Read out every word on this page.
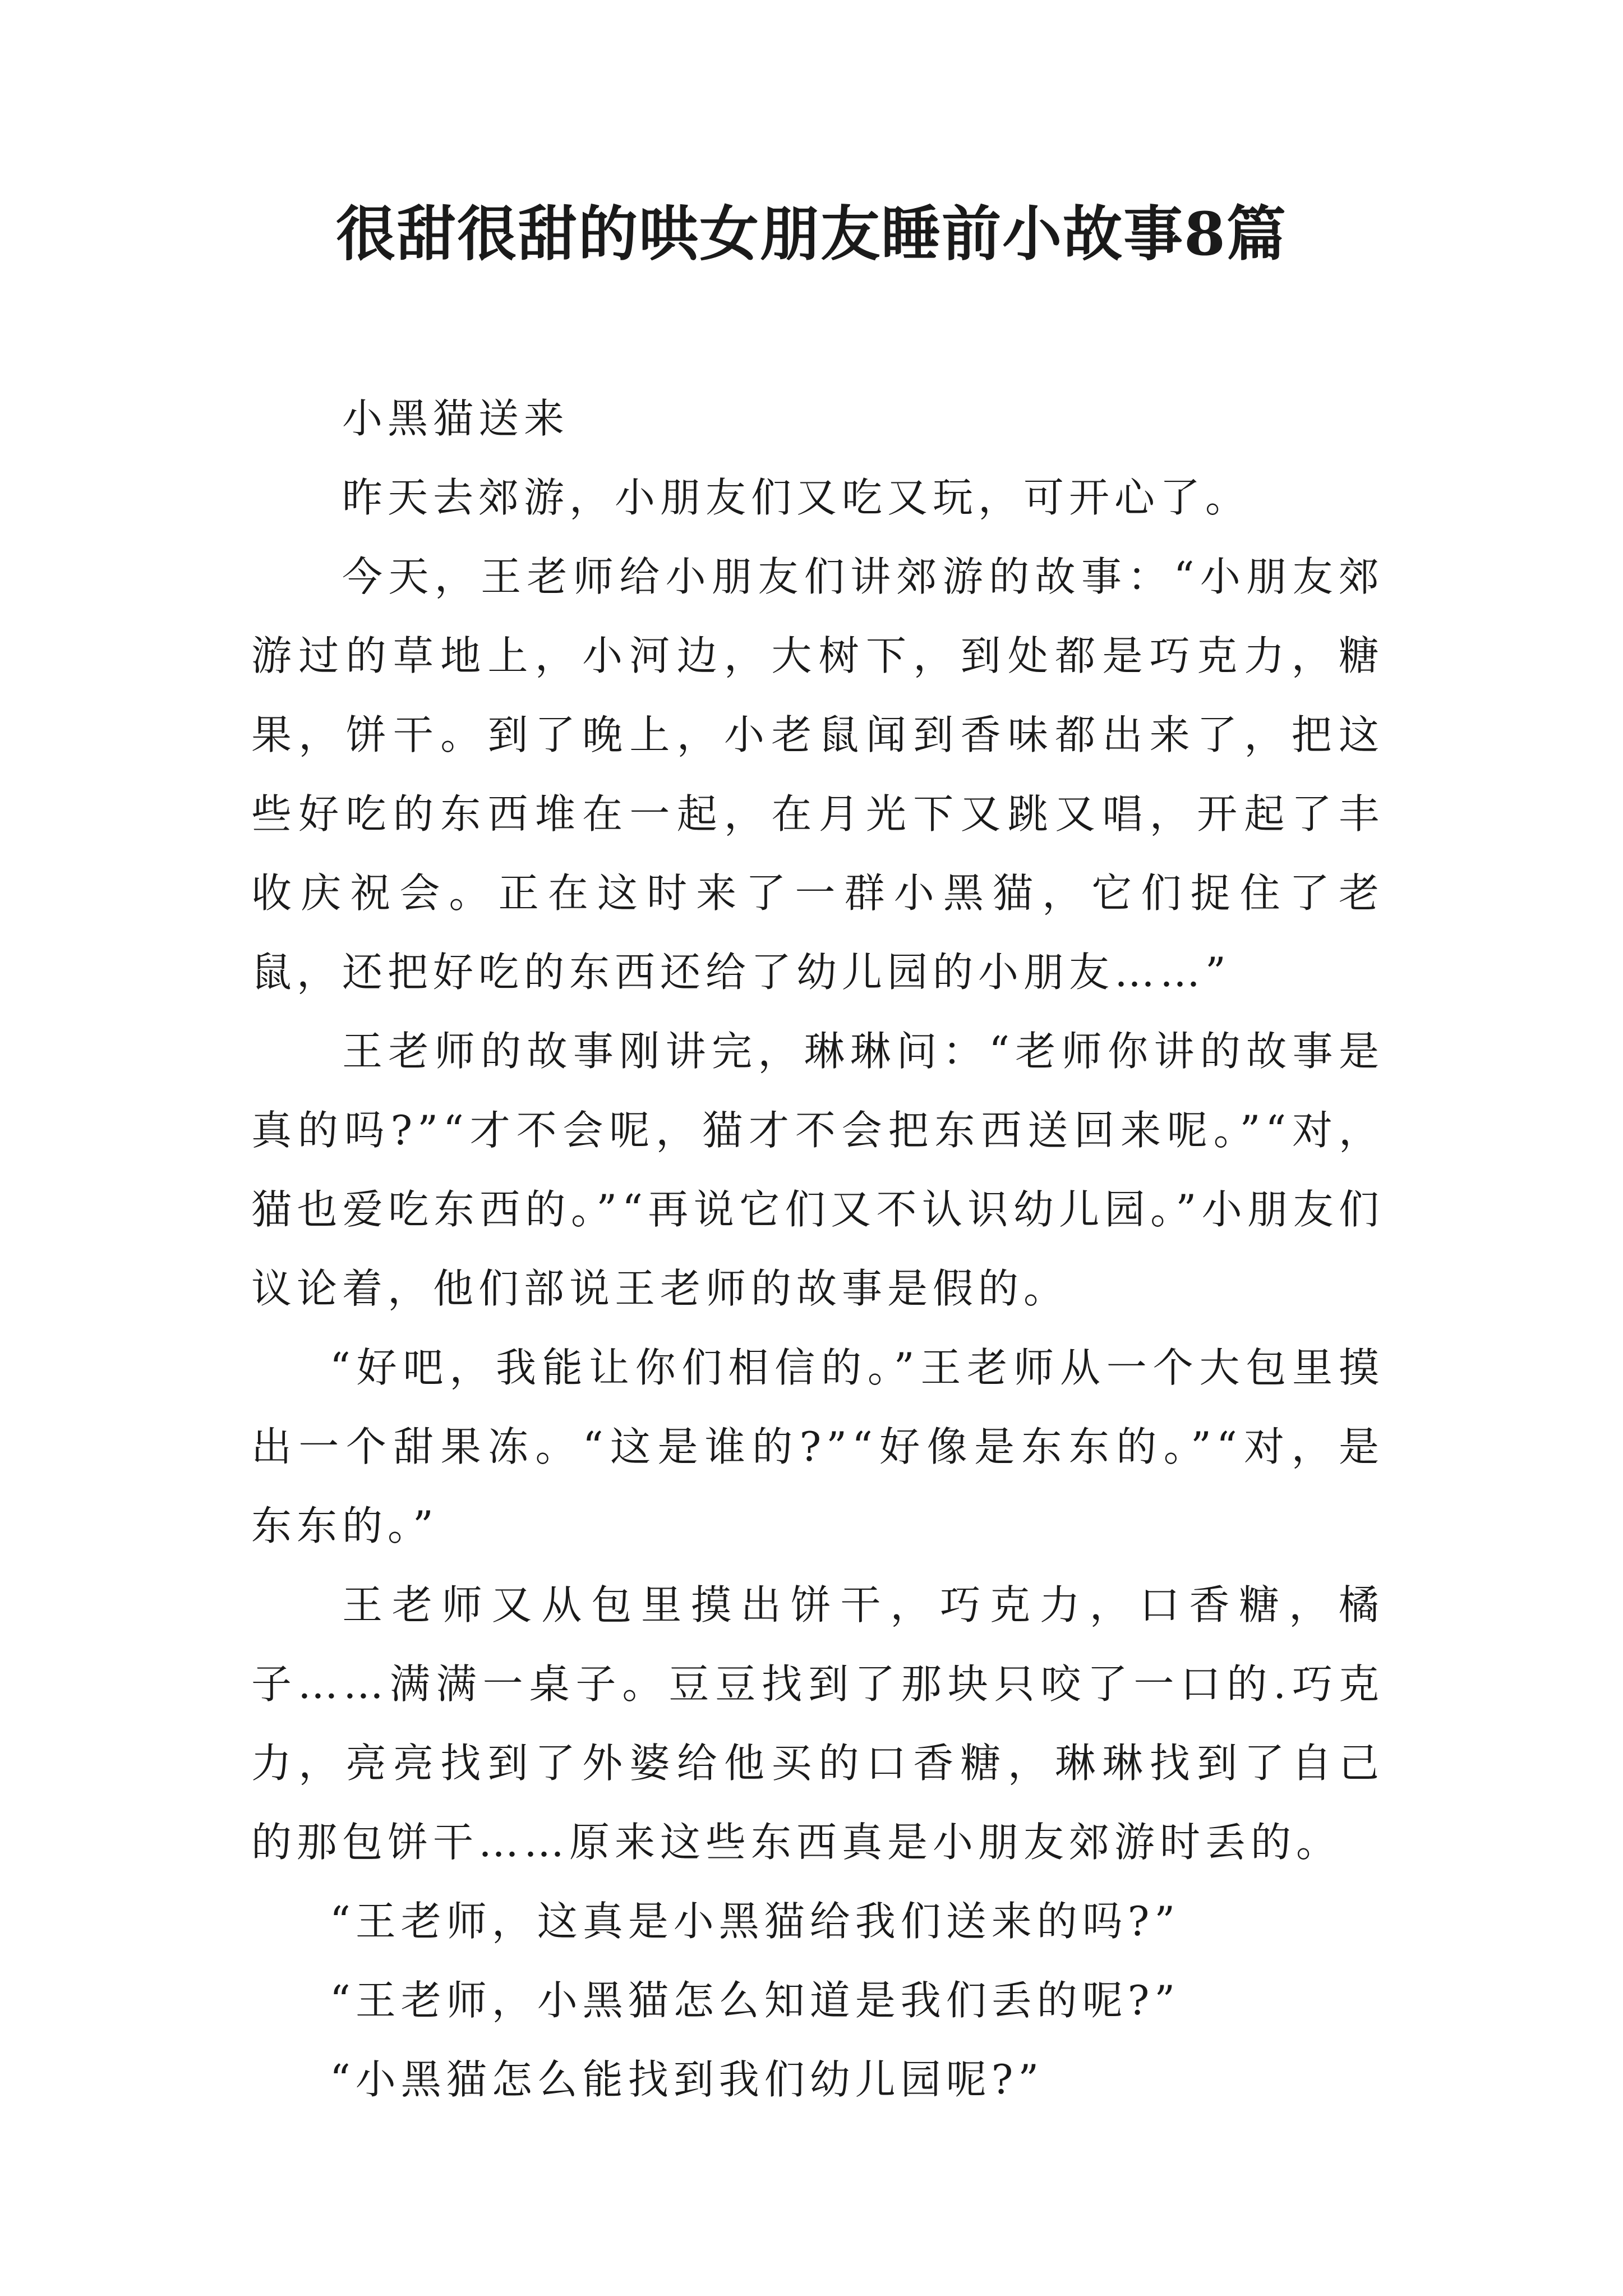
很甜很甜的哄女朋友睡前小故事8篇

小黑猫送来

昨天去郊游，小朋友们又吃又玩，可开心了。

今天，王老师给小朋友们讲郊游的故事：“小朋友郊游过的草地上，小河边，大树下，到处都是巧克力，糖果，饼干。到了晚上，小老鼠闻到香味都出来了，把这些好吃的东西堆在一起，在月光下又跳又唱，开起了丰收庆祝会。正在这时来了一群小黑猫，它们捉住了老鼠，还把好吃的东西还给了幼儿园的小朋友……”

王老师的故事刚讲完，琳琳问：“老师你讲的故事是真的吗?”“才不会呢，猫才不会把东西送回来呢。”“对，猫也爱吃东西的。”“再说它们又不认识幼儿园。”小朋友们议论着，他们部说王老师的故事是假的。

“好吧，我能让你们相信的。”王老师从一个大包里摸出一个甜果冻。“这是谁的?”“好像是东东的。”“对，是东东的。”

王老师又从包里摸出饼干，巧克力，口香糖，橘子……满满一桌子。豆豆找到了那块只咬了一口的.巧克力，亮亮找到了外婆给他买的口香糖，琳琳找到了自己的那包饼干……原来这些东西真是小朋友郊游时丢的。

“王老师，这真是小黑猫给我们送来的吗?”

“王老师，小黑猫怎么知道是我们丢的呢?”

“小黑猫怎么能找到我们幼儿园呢?”
